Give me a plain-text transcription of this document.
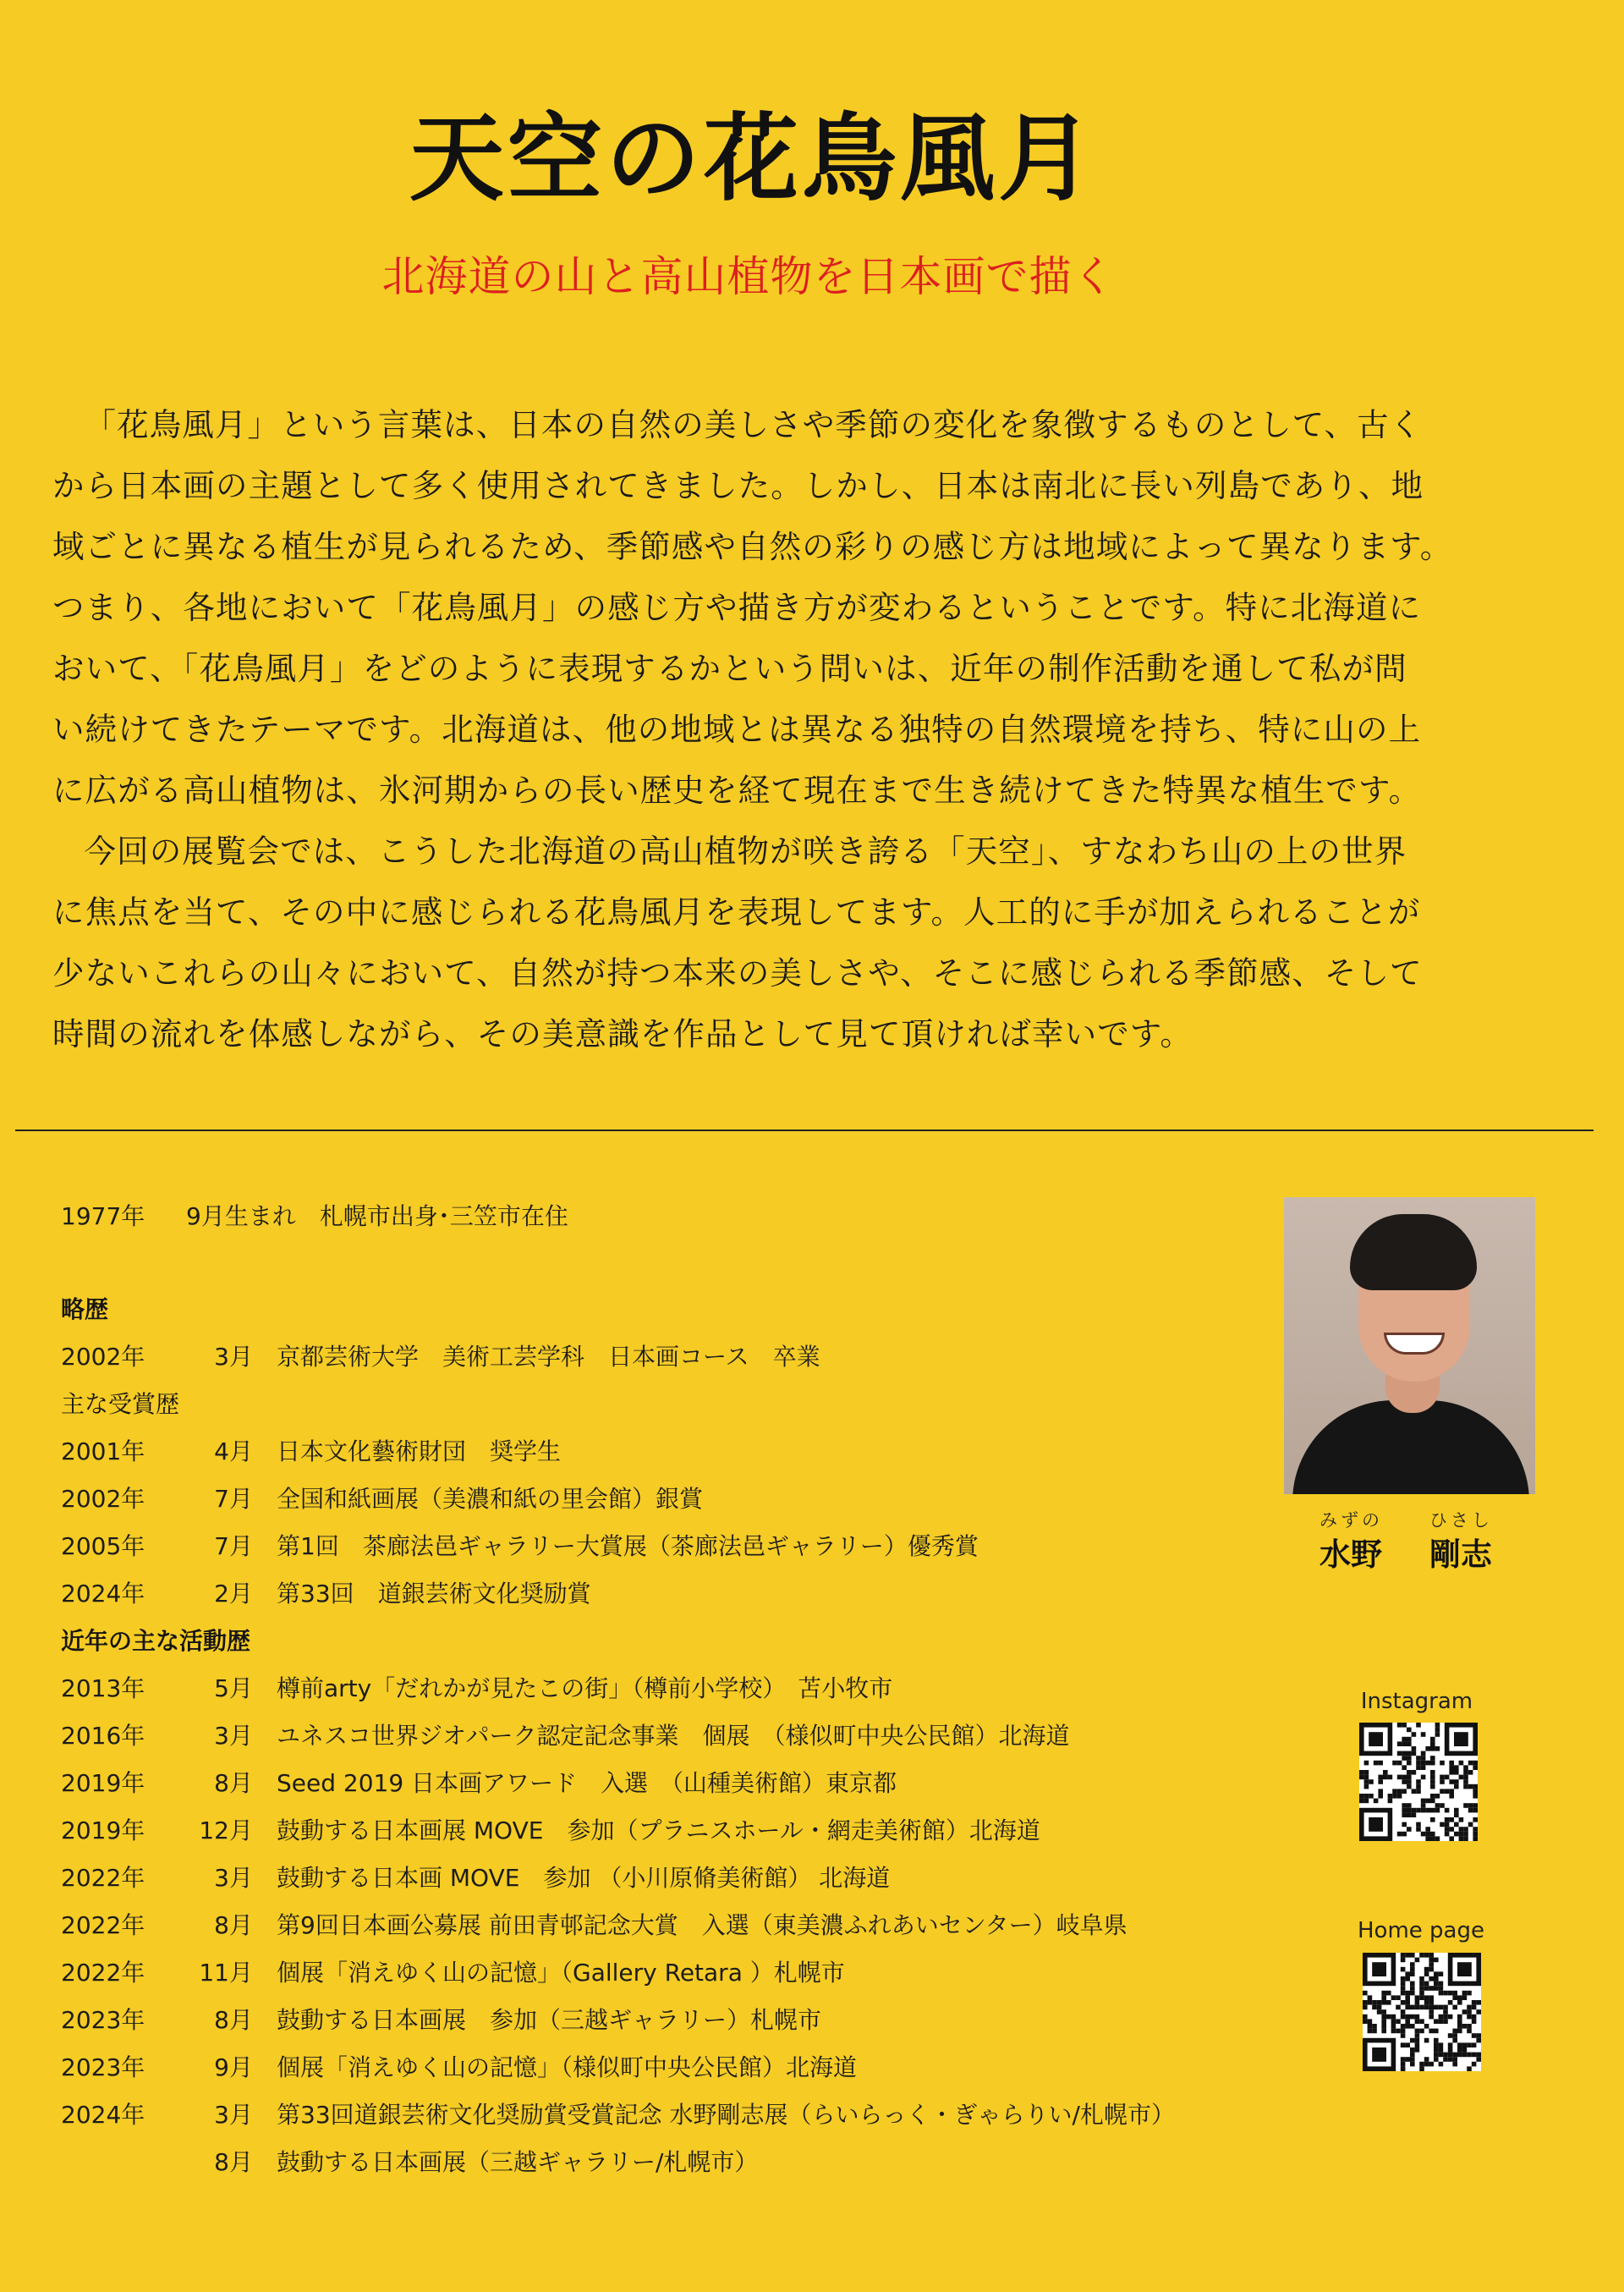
天空の花鳥風月
北海道の山と高山植物を日本画で描く

「花鳥風月」という言葉は、日本の自然の美しさや季節の変化を象徴するものとして、古く

から日本画の主題として多く使用されてきました。しかし、日本は南北に長い列島であり、地

域ごとに異なる植生が見られるため、季節感や自然の彩りの感じ方は地域によって異なります。

つまり、各地において「花鳥風月」の感じ方や描き方が変わるということです。特に北海道に

おいて、「花鳥風月」をどのように表現するかという問いは、近年の制作活動を通して私が問

い続けてきたテーマです。北海道は、他の地域とは異なる独特の自然環境を持ち、特に山の上

に広がる高山植物は、氷河期からの長い歴史を経て現在まで生き続けてきた特異な植生です。

今回の展覧会では、こうした北海道の高山植物が咲き誇る「天空」、すなわち山の上の世界

に焦点を当て、その中に感じられる花鳥風月を表現してます。人工的に手が加えられることが

少ないこれらの山々において、自然が持つ本来の美しさや、そこに感じられる季節感、そして

時間の流れを体感しながら、その美意識を作品として見て頂ければ幸いです。

1977年 9月生まれ　 札幌市出身･三笠市在住
略歴
2002年	3月 京都芸術大学　美術工芸学科　日本画コース　卒業
主な受賞歴
2001年	4月 日本文化藝術財団　奨学生
2002年	7月 全国和紙画展（美濃和紙の里会館）銀賞
2005年	7月 第1回　茶廊法邑ギャラリー大賞展（茶廊法邑ギャラリー）優秀賞
2024年	2月 第33回　道銀芸術文化奨励賞
近年の主な活動歴
2013年	5月 樽前arty「だれかが見たこの街」（樽前小学校）　苫小牧市
2016年	3月 ユネスコ世界ジオパーク認定記念事業　個展　（様似町中央公民館）北海道
2019年	8月 Seed 2019 日本画アワード　入選　（山種美術館）東京都
2019年 12月 鼓動する日本画展 MOVE　参加（プラニスホール・網走美術館）北海道
2022年	3月 鼓動する日本画 MOVE　参加 （小川原脩美術館） 北海道
2022年	8月 第9回日本画公募展 前田青邨記念大賞　入選（東美濃ふれあいセンター）岐阜県
2022年 11月 個展「消えゆく山の記憶」（Gallery Retara ）札幌市
2023年	8月 鼓動する日本画展　参加（三越ギャラリー）札幌市
2023年	9月 個展「消えゆく山の記憶」（様似町中央公民館）北海道
2024年	3月 第33回道銀芸術文化奨励賞受賞記念 水野剛志展（らいらっく・ぎゃらりい/札幌市）
8月 鼓動する日本画展（三越ギャラリー/札幌市）
みずの	ひさし
水野 剛志
Instagram
Home page
